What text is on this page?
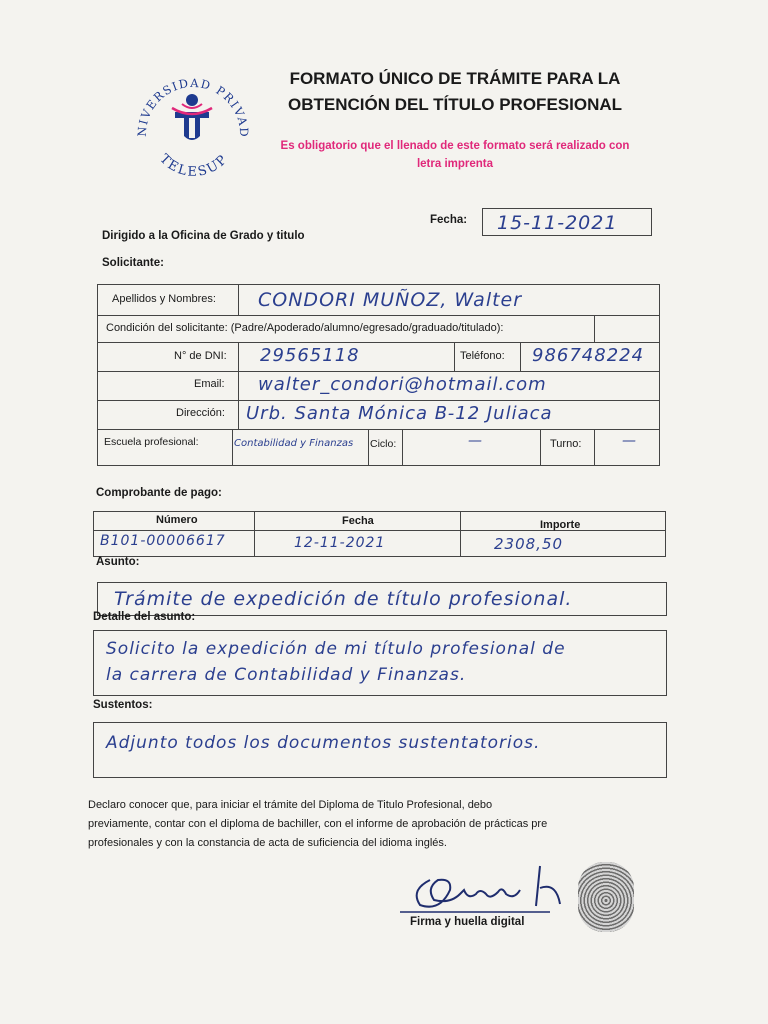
NIVERSIDAD PRIVAD
TELESUP
FORMATO ÚNICO DE TRÁMITE PARA LA
OBTENCIÓN DEL TÍTULO PROFESIONAL
Es obligatorio que el llenado de este formato será realizado con
letra imprenta
Fecha: 15-11-2021
Dirigido a la Oficina de Grado y titulo
Solicitante:
Apellidos y Nombres: CONDORI MUÑOZ, Walter
Condición del solicitante: (Padre/Apoderado/alumno/egresado/graduado/titulado):
N° de DNI: 29565118	Teléfono: 986748224
Email: walter_condori@hotmail.com
Dirección: Urb. Santa Mónica B-12 Juliaca
Escuela profesional:	Contabilidad y Finanzas Ciclo:	—	Turno:	—
Comprobante de pago:
Número	Fecha	Importe
B101-00006617	12-11-2021	2308,50
Asunto:
Trámite de expedición de título profesional.
Detalle del asunto:
Solicito la expedición de mi título profesional de
la carrera de Contabilidad y Finanzas.
Sustentos:
Adjunto todos los documentos sustentatorios.
Declaro conocer que, para iniciar el trámite del Diploma de Titulo Profesional, debo
previamente, contar con el diploma de bachiller, con el informe de aprobación de prácticas pre
profesionales y con la constancia de acta de suficiencia del idioma inglés.
Firma y huella digital
